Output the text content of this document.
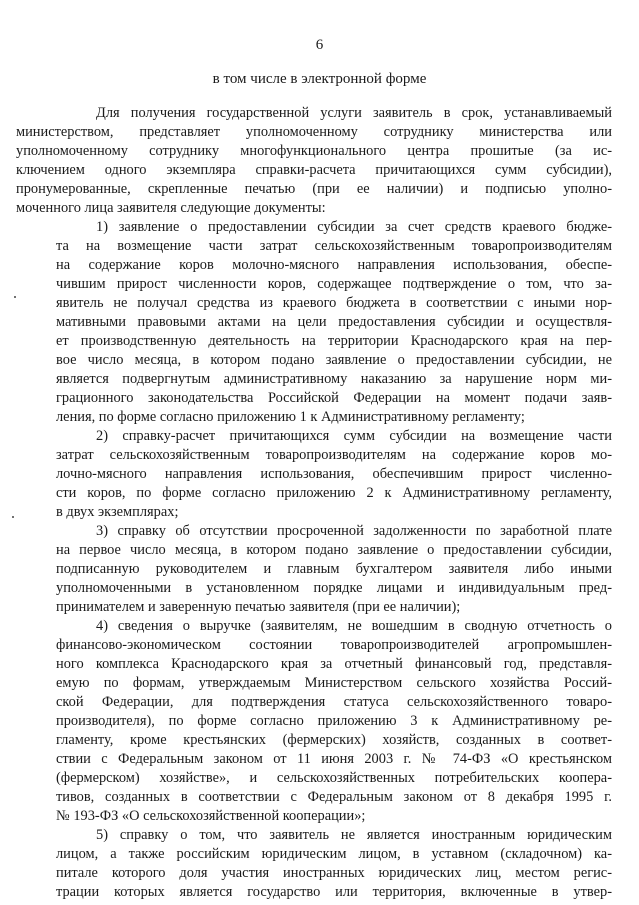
6
в том числе в электронной форме
Для получения государственной услуги заявитель в срок, устанавливаемый
министерством, представляет уполномоченному сотруднику министерства или
уполномоченному сотруднику многофункционального центра прошитые (за ис-
ключением одного экземпляра справки-расчета причитающихся сумм субсидии),
пронумерованные, скрепленные печатью (при ее наличии) и подписью уполно-
моченного лица заявителя следующие документы:
1) заявление о предоставлении субсидии за счет средств краевого бюдже-
та на возмещение части затрат сельскохозяйственным товаропроизводителям
на содержание коров молочно-мясного направления использования, обеспе-
чившим прирост численности коров, содержащее подтверждение о том, что за-
явитель не получал средства из краевого бюджета в соответствии с иными нор-
мативными правовыми актами на цели предоставления субсидии и осуществля-
ет производственную деятельность на территории Краснодарского края на пер-
вое число месяца, в котором подано заявление о предоставлении субсидии, не
является подвергнутым административному наказанию за нарушение норм ми-
грационного законодательства Российской Федерации на момент подачи заяв-
ления, по форме согласно приложению 1 к Административному регламенту;
2) справку-расчет причитающихся сумм субсидии на возмещение части
затрат сельскохозяйственным товаропроизводителям на содержание коров мо-
лочно-мясного направления использования, обеспечившим прирост численно-
сти коров, по форме согласно приложению 2 к Административному регламенту,
в двух экземплярах;
3) справку об отсутствии просроченной задолженности по заработной плате
на первое число месяца, в котором подано заявление о предоставлении субсидии,
подписанную руководителем и главным бухгалтером заявителя либо иными
уполномоченными в установленном порядке лицами и индивидуальным пред-
принимателем и заверенную печатью заявителя (при ее наличии);
4) сведения о выручке (заявителям, не вошедшим в сводную отчетность о
финансово-экономическом состоянии товаропроизводителей агропромышлен-
ного комплекса Краснодарского края за отчетный финансовый год, представля-
емую по формам, утверждаемым Министерством сельского хозяйства Россий-
ской Федерации, для подтверждения статуса сельскохозяйственного товаро-
производителя), по форме согласно приложению 3 к Административному ре-
гламенту, кроме крестьянских (фермерских) хозяйств, созданных в соответ-
ствии с Федеральным законом от 11 июня 2003 г. № 74-ФЗ «О крестьянском
(фермерском) хозяйстве», и сельскохозяйственных потребительских коопера-
тивов, созданных в соответствии с Федеральным законом от 8 декабря 1995 г.
№ 193-ФЗ «О сельскохозяйственной кооперации»;
5) справку о том, что заявитель не является иностранным юридическим
лицом, а также российским юридическим лицом, в уставном (складочном) ка-
питале которого доля участия иностранных юридических лиц, местом регис-
трации которых является государство или территория, включенные в утвер-
